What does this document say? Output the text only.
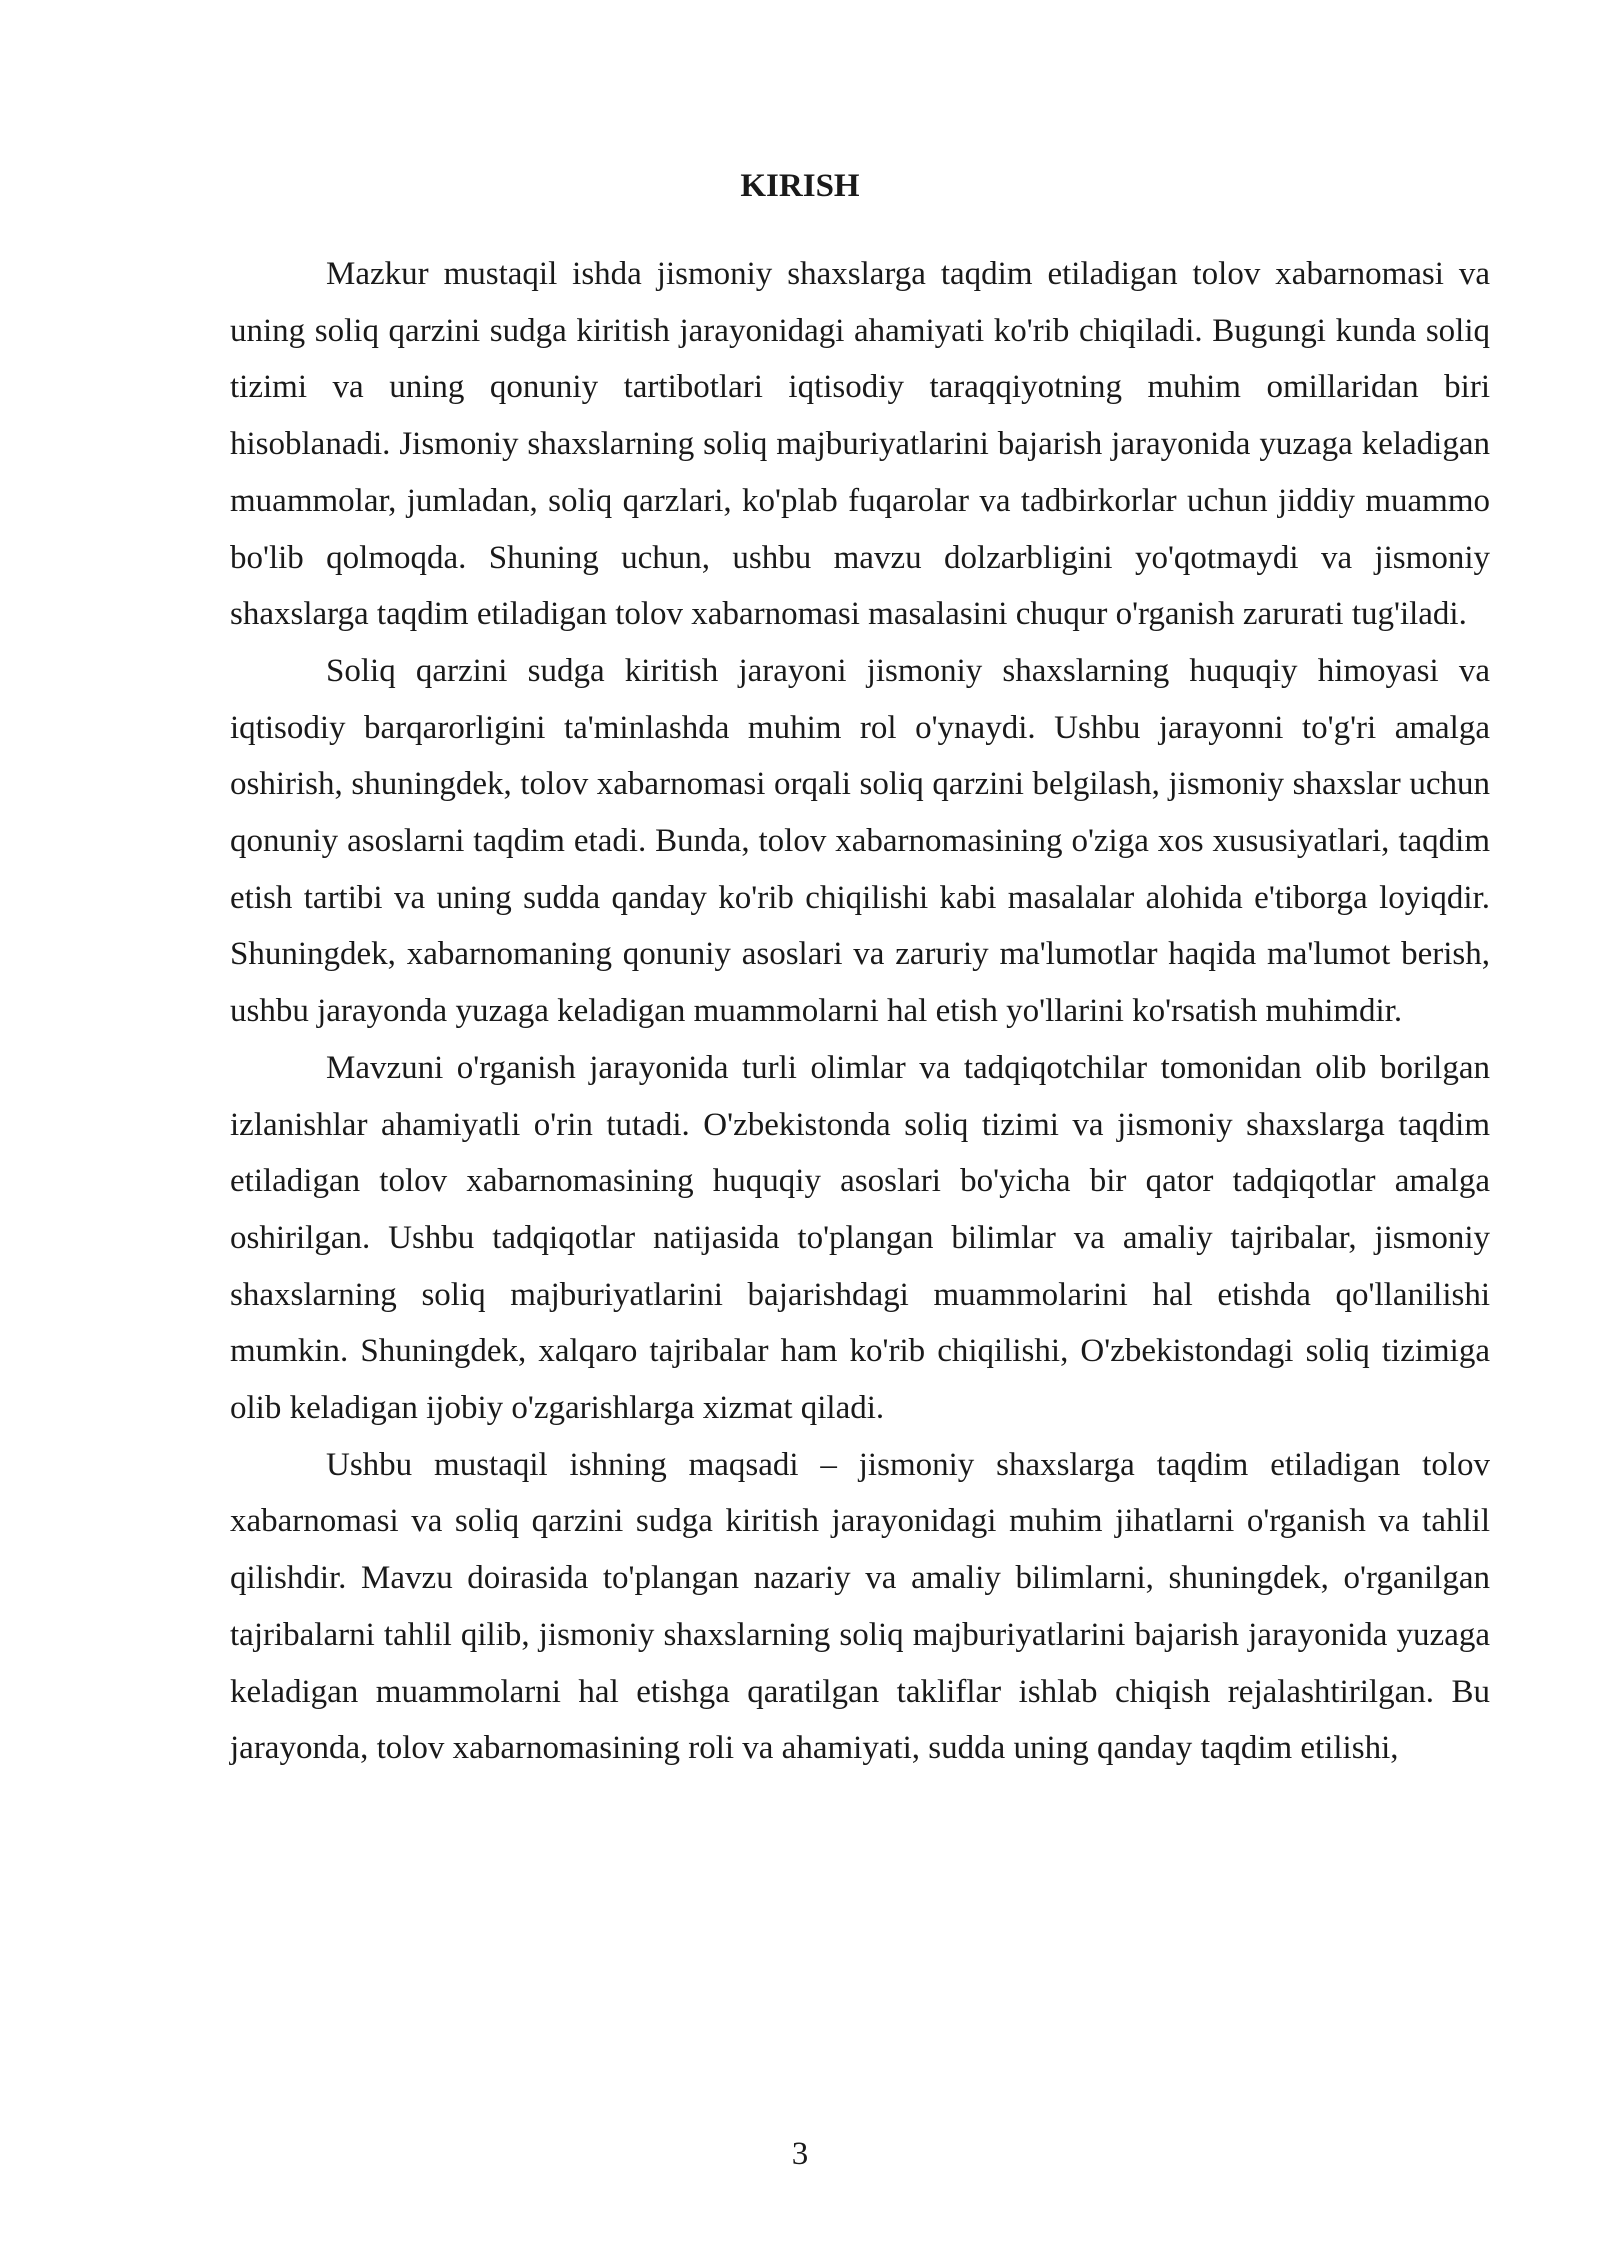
KIRISH

Mazkur mustaqil ishda jismoniy shaxslarga taqdim etiladigan tolov xabarnomasi va uning soliq qarzini sudga kiritish jarayonidagi ahamiyati ko'rib chiqiladi. Bugungi kunda soliq tizimi va uning qonuniy tartibotlari iqtisodiy taraqqiyotning muhim omillaridan biri hisoblanadi. Jismoniy shaxslarning soliq majburiyatlarini bajarish jarayonida yuzaga keladigan muammolar, jumladan, soliq qarzlari, ko'plab fuqarolar va tadbirkorlar uchun jiddiy muammo bo'lib qolmoqda. Shuning uchun, ushbu mavzu dolzarbligini yo'qotmaydi va jismoniy shaxslarga taqdim etiladigan tolov xabarnomasi masalasini chuqur o'rganish zarurati tug'iladi.

Soliq qarzini sudga kiritish jarayoni jismoniy shaxslarning huquqiy himoyasi va iqtisodiy barqarorligini ta'minlashda muhim rol o'ynaydi. Ushbu jarayonni to'g'ri amalga oshirish, shuningdek, tolov xabarnomasi orqali soliq qarzini belgilash, jismoniy shaxslar uchun qonuniy asoslarni taqdim etadi. Bunda, tolov xabarnomasining o'ziga xos xususiyatlari, taqdim etish tartibi va uning sudda qanday ko'rib chiqilishi kabi masalalar alohida e'tiborga loyiqdir. Shuningdek, xabarnomaning qonuniy asoslari va zaruriy ma'lumotlar haqida ma'lumot berish, ushbu jarayonda yuzaga keladigan muammolarni hal etish yo'llarini ko'rsatish muhimdir.

Mavzuni o'rganish jarayonida turli olimlar va tadqiqotchilar tomonidan olib borilgan izlanishlar ahamiyatli o'rin tutadi. O'zbekistonda soliq tizimi va jismoniy shaxslarga taqdim etiladigan tolov xabarnomasining huquqiy asoslari bo'yicha bir qator tadqiqotlar amalga oshirilgan. Ushbu tadqiqotlar natijasida to'plangan bilimlar va amaliy tajribalar, jismoniy shaxslarning soliq majburiyatlarini bajarishdagi muammolarini hal etishda qo'llanilishi mumkin. Shuningdek, xalqaro tajribalar ham ko'rib chiqilishi, O'zbekistondagi soliq tizimiga olib keladigan ijobiy o'zgarishlarga xizmat qiladi.

Ushbu mustaqil ishning maqsadi – jismoniy shaxslarga taqdim etiladigan tolov xabarnomasi va soliq qarzini sudga kiritish jarayonidagi muhim jihatlarni o'rganish va tahlil qilishdir. Mavzu doirasida to'plangan nazariy va amaliy bilimlarni, shuningdek, o'rganilgan tajribalarni tahlil qilib, jismoniy shaxslarning soliq majburiyatlarini bajarish jarayonida yuzaga keladigan muammolarni hal etishga qaratilgan takliflar ishlab chiqish rejalashtirilgan. Bu jarayonda, tolov xabarnomasining roli va ahamiyati, sudda uning qanday taqdim etilishi,

3
